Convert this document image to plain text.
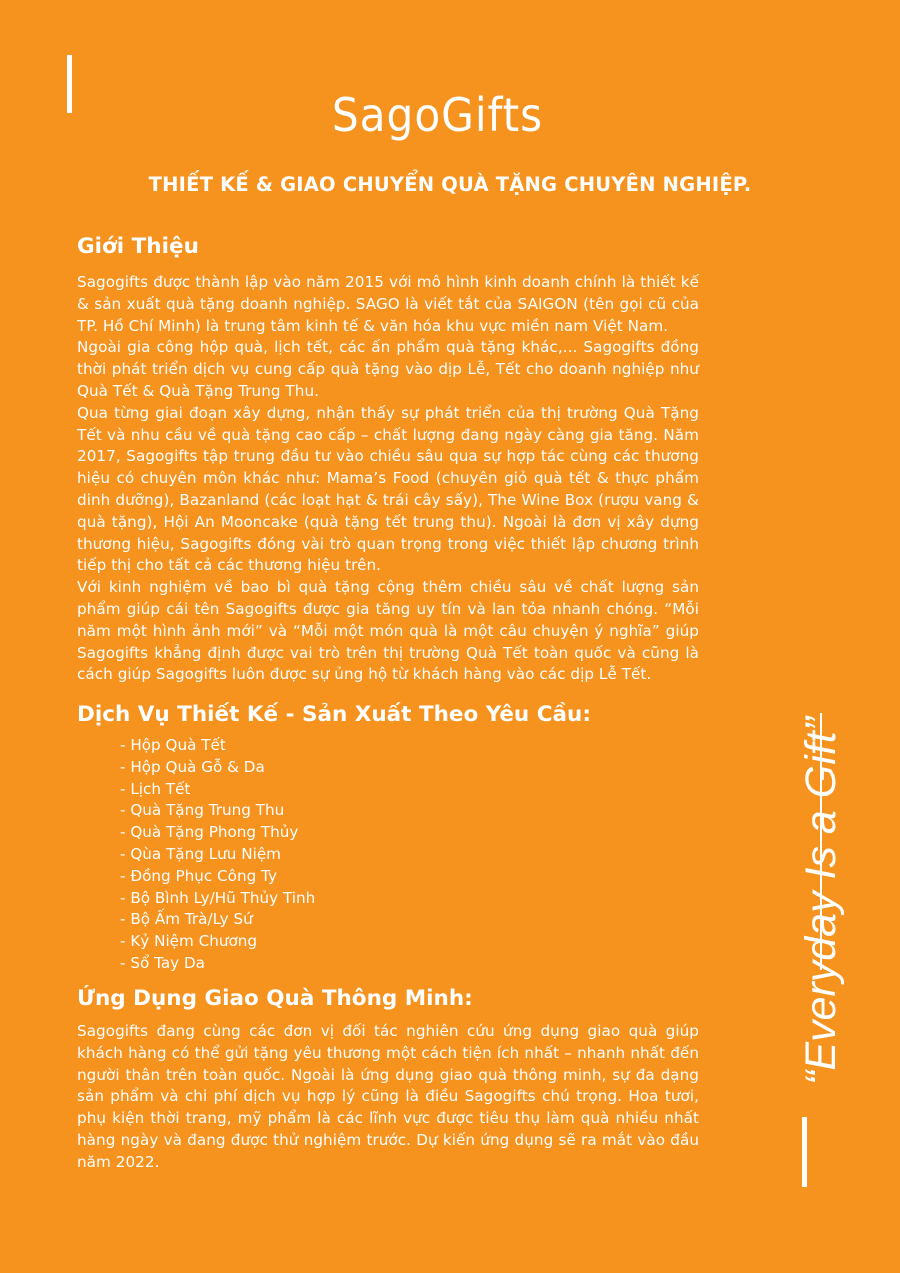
SagoGifts
THIẾT KẾ & GIAO CHUYỂN QUÀ TẶNG CHUYÊN NGHIỆP.
Giới Thiệu

Sagogifts được thành lập vào năm 2015 với mô hình kinh doanh chính là thiết kế & sản xuất quà tặng doanh nghiệp. SAGO là viết tắt của SAIGON (tên gọi cũ của TP. Hồ Chí Minh) là trung tâm kinh tế & văn hóa khu vực miền nam Việt Nam.

Ngoài gia công hộp quà, lịch tết, các ấn phẩm quà tặng khác,... Sagogifts đồng thời phát triển dịch vụ cung cấp quà tặng vào dịp Lễ, Tết cho doanh nghiệp như Quà Tết & Quà Tặng Trung Thu.

Qua từng giai đoạn xây dựng, nhận thấy sự phát triển của thị trường Quà Tặng Tết và nhu cầu về quà tặng cao cấp – chất lượng đang ngày càng gia tăng. Năm 2017, Sagogifts tập trung đầu tư vào chiều sâu qua sự hợp tác cùng các thương hiệu có chuyên môn khác như: Mama’s Food (chuyên giỏ quà tết & thực phẩm dinh dưỡng), Bazanland (các loạt hạt & trái cây sấy), The Wine Box (rượu vang & quà tặng), Hội An Mooncake (quà tặng tết trung thu). Ngoài là đơn vị xây dựng thương hiệu, Sagogifts đóng vài trò quan trọng trong việc thiết lập chương trình tiếp thị cho tất cả các thương hiệu trên.

Với kinh nghiệm về bao bì quà tặng cộng thêm chiều sâu về chất lượng sản phẩm giúp cái tên Sagogifts được gia tăng uy tín và lan tỏa nhanh chóng. “Mỗi năm một hình ảnh mới” và “Mỗi một món quà là một câu chuyện ý nghĩa” giúp Sagogifts khẳng định được vai trò trên thị trường Quà Tết toàn quốc và cũng là cách giúp Sagogifts luôn được sự ủng hộ từ khách hàng vào các dịp Lễ Tết.

Dịch Vụ Thiết Kế - Sản Xuất Theo Yêu Cầu:
- Hộp Quà Tết
- Hộp Quà Gỗ & Da
- Lịch Tết
- Quà Tặng Trung Thu
- Quà Tặng Phong Thủy
- Qùa Tặng Lưu Niệm
- Đồng Phục Công Ty
- Bộ Bình Ly/Hũ Thủy Tinh
- Bộ Ấm Trà/Ly Sứ
- Kỷ Niệm Chương
- Sổ Tay Da
Ứng Dụng Giao Quà Thông Minh:

Sagogifts đang cùng các đơn vị đối tác nghiên cứu ứng dụng giao quà giúp khách hàng có thể gửi tặng yêu thương một cách tiện ích nhất – nhanh nhất đến người thân trên toàn quốc. Ngoài là ứng dụng giao quà thông minh, sự đa dạng sản phẩm và chi phí dịch vụ hợp lý cũng là điều Sagogifts chú trọng. Hoa tươi, phụ kiện thời trang, mỹ phẩm là các lĩnh vực được tiêu thụ làm quà nhiều nhất hàng ngày và đang được thử nghiệm trước. Dự kiến ứng dụng sẽ ra mắt vào đầu năm 2022.

“Everyday Is a Gift”
